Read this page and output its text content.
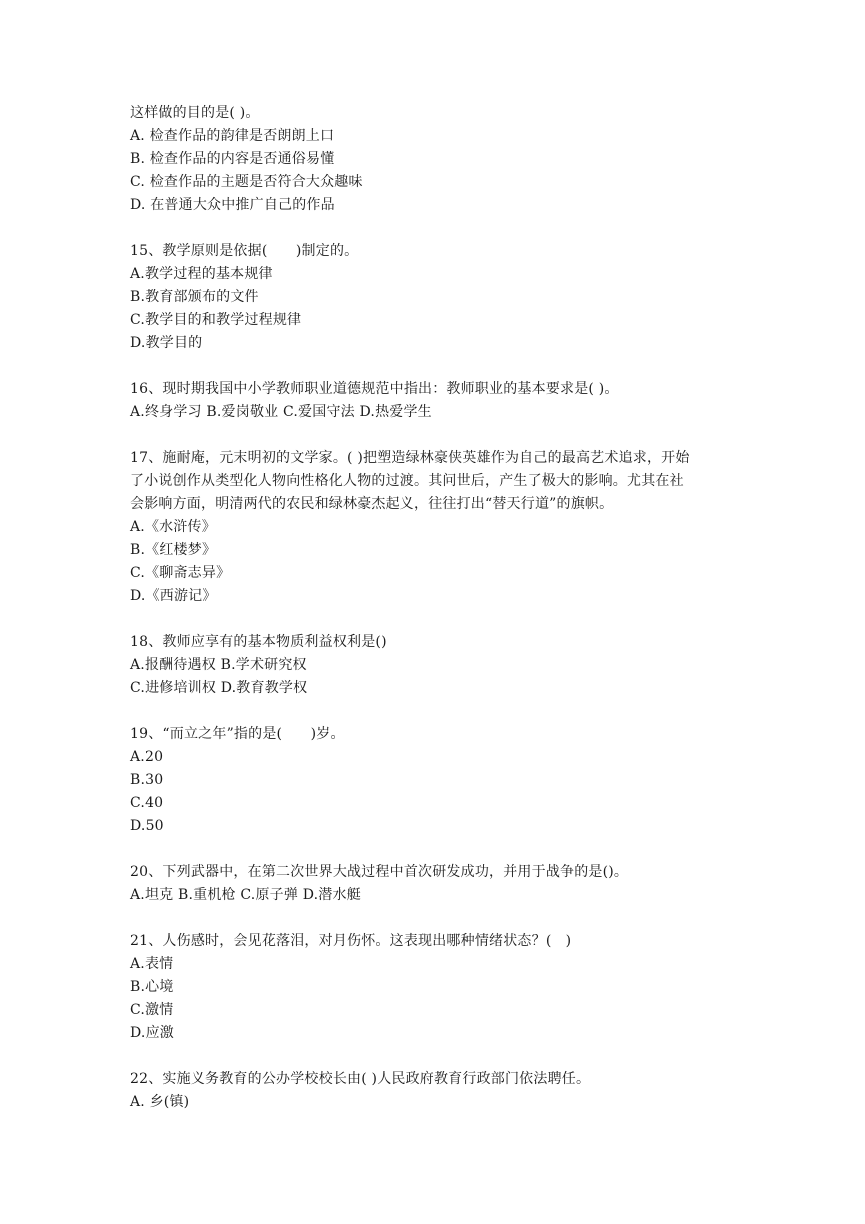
这样做的目的是( )。
A. 检查作品的韵律是否朗朗上口
B. 检查作品的内容是否通俗易懂
C. 检查作品的主题是否符合大众趣味
D. 在普通大众中推广自己的作品
15、教学原则是依据(　　)制定的。
A.教学过程的基本规律
B.教育部颁布的文件
C.教学目的和教学过程规律
D.教学目的
16、现时期我国中小学教师职业道德规范中指出：教师职业的基本要求是( )。
A.终身学习 B.爱岗敬业 C.爱国守法 D.热爱学生
17、施耐庵，元末明初的文学家。( )把塑造绿林豪侠英雄作为自己的最高艺术追求，开始
了小说创作从类型化人物向性格化人物的过渡。其问世后，产生了极大的影响。尤其在社
会影响方面，明清两代的农民和绿林豪杰起义，往往打出“替天行道”的旗帜。
A.《水浒传》
B.《红楼梦》
C.《聊斋志异》
D.《西游记》
18、教师应享有的基本物质利益权利是()
A.报酬待遇权 B.学术研究权
C.进修培训权 D.教育教学权
19、“而立之年”指的是(　　)岁。
A.20
B.30
C.40
D.50
20、下列武器中，在第二次世界大战过程中首次研发成功，并用于战争的是()。
A.坦克 B.重机枪 C.原子弹 D.潜水艇
21、人伤感时，会见花落泪，对月伤怀。这表现出哪种情绪状态？(　)
A.表情
B.心境
C.激情
D.应激
22、实施义务教育的公办学校校长由( )人民政府教育行政部门依法聘任。
A. 乡(镇)
